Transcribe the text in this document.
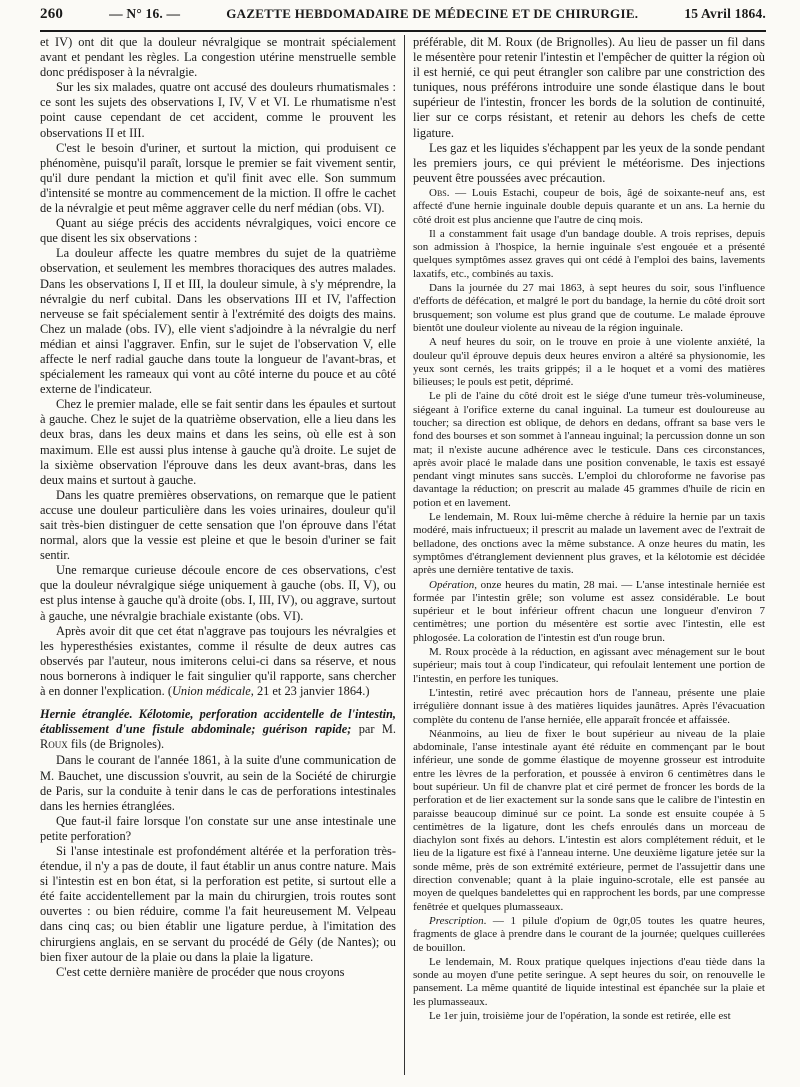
260	— N° 16. —	GAZETTE HEBDOMADAIRE DE MÉDECINE ET DE CHIRURGIE.	15 Avril 1864.

et IV) ont dit que la douleur névralgique se montrait spécialement avant et pendant les règles. La congestion utérine menstruelle semble donc prédisposer à la névralgie.

Sur les six malades, quatre ont accusé des douleurs rhumatismales : ce sont les sujets des observations I, IV, V et VI. Le rhumatisme n'est point cause cependant de cet accident, comme le prouvent les observations II et III.

C'est le besoin d'uriner, et surtout la miction, qui produisent ce phénomène, puisqu'il paraît, lorsque le premier se fait vivement sentir, qu'il dure pendant la miction et qu'il finit avec elle. Son summum d'intensité se montre au commencement de la miction. Il offre le cachet de la névralgie et peut même aggraver celle du nerf médian (obs. VI).

Quant au siége précis des accidents névralgiques, voici encore ce que disent les six observations :

La douleur affecte les quatre membres du sujet de la quatrième observation, et seulement les membres thoraciques des autres malades. Dans les observations I, II et III, la douleur simule, à s'y méprendre, la névralgie du nerf cubital. Dans les observations III et IV, l'affection nerveuse se fait spécialement sentir à l'extrémité des doigts des mains. Chez un malade (obs. IV), elle vient s'adjoindre à la névralgie du nerf médian et ainsi l'aggraver. Enfin, sur le sujet de l'observation V, elle affecte le nerf radial gauche dans toute la longueur de l'avant-bras, et spécialement les rameaux qui vont au côté interne du pouce et au côté externe de l'indicateur.

Chez le premier malade, elle se fait sentir dans les épaules et surtout à gauche. Chez le sujet de la quatrième observation, elle a lieu dans les deux bras, dans les deux mains et dans les seins, où elle est à son maximum. Elle est aussi plus intense à gauche qu'à droite. Le sujet de la sixième observation l'éprouve dans les deux avant-bras, dans les deux mains et surtout à gauche.

Dans les quatre premières observations, on remarque que le patient accuse une douleur particulière dans les voies urinaires, douleur qu'il sait très-bien distinguer de cette sensation que l'on éprouve dans l'état normal, alors que la vessie est pleine et que le besoin d'uriner se fait sentir.

Une remarque curieuse découle encore de ces observations, c'est que la douleur névralgique siége uniquement à gauche (obs. II, V), ou est plus intense à gauche qu'à droite (obs. I, III, IV), ou aggrave, surtout à gauche, une névralgie brachiale existante (obs. VI).

Après avoir dit que cet état n'aggrave pas toujours les névralgies et les hyperesthésies existantes, comme il résulte de deux autres cas observés par l'auteur, nous imiterons celui-ci dans sa réserve, et nous nous bornerons à indiquer le fait singulier qu'il rapporte, sans chercher à en donner l'explication. (Union médicale, 21 et 23 janvier 1864.)

Hernie étranglée. Kélotomie, perforation accidentelle de l'intestin, établissement d'une fistule abdominale; guérison rapide; par M. Roux fils (de Brignoles).

Dans le courant de l'année 1861, à la suite d'une communication de M. Bauchet, une discussion s'ouvrit, au sein de la Société de chirurgie de Paris, sur la conduite à tenir dans le cas de perforations intestinales dans les hernies étranglées.

Que faut-il faire lorsque l'on constate sur une anse intestinale une petite perforation?

Si l'anse intestinale est profondément altérée et la perforation très-étendue, il n'y a pas de doute, il faut établir un anus contre nature. Mais si l'intestin est en bon état, si la perforation est petite, si surtout elle a été faite accidentellement par la main du chirurgien, trois routes sont ouvertes : ou bien réduire, comme l'a fait heureusement M. Velpeau dans cinq cas; ou bien établir une ligature perdue, à l'imitation des chirurgiens anglais, en se servant du procédé de Gély (de Nantes); ou bien fixer autour de la plaie ou dans la plaie la ligature.

C'est cette dernière manière de procéder que nous croyons

préférable, dit M. Roux (de Brignolles). Au lieu de passer un fil dans le mésentère pour retenir l'intestin et l'empêcher de quitter la région où il est hernié, ce qui peut étrangler son calibre par une constriction des tuniques, nous préférons introduire une sonde élastique dans le bout supérieur de l'intestin, froncer les bords de la solution de continuité, lier sur ce corps résistant, et retenir au dehors les chefs de cette ligature.

Les gaz et les liquides s'échappent par les yeux de la sonde pendant les premiers jours, ce qui prévient le météorisme. Des injections peuvent être poussées avec précaution.

Obs. — Louis Estachi, coupeur de bois, âgé de soixante-neuf ans, est affecté d'une hernie inguinale double depuis quarante et un ans. La hernie du côté droit est plus ancienne que l'autre de cinq mois.

Il a constamment fait usage d'un bandage double. A trois reprises, depuis son admission à l'hospice, la hernie inguinale s'est engouée et a présenté quelques symptômes assez graves qui ont cédé à l'emploi des bains, lavements laxatifs, etc., combinés au taxis.

Dans la journée du 27 mai 1863, à sept heures du soir, sous l'influence d'efforts de défécation, et malgré le port du bandage, la hernie du côté droit sort brusquement; son volume est plus grand que de coutume. Le malade éprouve bientôt une douleur violente au niveau de la région inguinale.

A neuf heures du soir, on le trouve en proie à une violente anxiété, la douleur qu'il éprouve depuis deux heures environ a altéré sa physionomie, les yeux sont cernés, les traits grippés; il a le hoquet et a vomi des matières bilieuses; le pouls est petit, déprimé.

Le pli de l'aine du côté droit est le siége d'une tumeur très-volumineuse, siégeant à l'orifice externe du canal inguinal. La tumeur est douloureuse au toucher; sa direction est oblique, de dehors en dedans, offrant sa base vers le fond des bourses et son sommet à l'anneau inguinal; la percussion donne un son mat; il n'existe aucune adhérence avec le testicule. Dans ces circonstances, après avoir placé le malade dans une position convenable, le taxis est essayé pendant vingt minutes sans succès. L'emploi du chloroforme ne favorise pas davantage la réduction; on prescrit au malade 45 grammes d'huile de ricin en potion et en lavement.

Le lendemain, M. Roux lui-même cherche à réduire la hernie par un taxis modéré, mais infructueux; il prescrit au malade un lavement avec de l'extrait de belladone, des onctions avec la même substance. A onze heures du matin, les symptômes d'étranglement deviennent plus graves, et la kélotomie est décidée après une dernière tentative de taxis.

Opération, onze heures du matin, 28 mai. — L'anse intestinale herniée est formée par l'intestin grêle; son volume est assez considérable. Le bout supérieur et le bout inférieur offrent chacun une longueur d'environ 7 centimètres; une portion du mésentère est sortie avec l'intestin, elle est phlogosée. La coloration de l'intestin est d'un rouge brun.

M. Roux procède à la réduction, en agissant avec ménagement sur le bout supérieur; mais tout à coup l'indicateur, qui refoulait lentement une portion de l'intestin, en perfore les tuniques.

L'intestin, retiré avec précaution hors de l'anneau, présente une plaie irrégulière donnant issue à des matières liquides jaunâtres. Après l'évacuation complète du contenu de l'anse herniée, elle apparaît froncée et affaissée.

Néanmoins, au lieu de fixer le bout supérieur au niveau de la plaie abdominale, l'anse intestinale ayant été réduite en commençant par le bout inférieur, une sonde de gomme élastique de moyenne grosseur est introduite entre les lèvres de la perforation, et poussée à environ 6 centimètres dans le bout supérieur. Un fil de chanvre plat et ciré permet de froncer les bords de la perforation et de lier exactement sur la sonde sans que le calibre de l'intestin en paraisse beaucoup diminué sur ce point. La sonde est ensuite coupée à 5 centimètres de la ligature, dont les chefs enroulés dans un morceau de diachylon sont fixés au dehors. L'intestin est alors complétement réduit, et le lieu de la ligature est fixé à l'anneau interne. Une deuxième ligature jetée sur la sonde même, près de son extrémité extérieure, permet de l'assujettir dans une direction convenable; quant à la plaie inguino-scrotale, elle est pansée au moyen de quelques bandelettes qui en rapprochent les bords, par une compresse fenêtrée et quelques plumasseaux.

Prescription. — 1 pilule d'opium de 0gr,05 toutes les quatre heures, fragments de glace à prendre dans le courant de la journée; quelques cuillerées de bouillon.

Le lendemain, M. Roux pratique quelques injections d'eau tiède dans la sonde au moyen d'une petite seringue. A sept heures du soir, on renouvelle le pansement. La même quantité de liquide intestinal est épanchée sur la plaie et les plumasseaux.

Le 1er juin, troisième jour de l'opération, la sonde est retirée, elle est
